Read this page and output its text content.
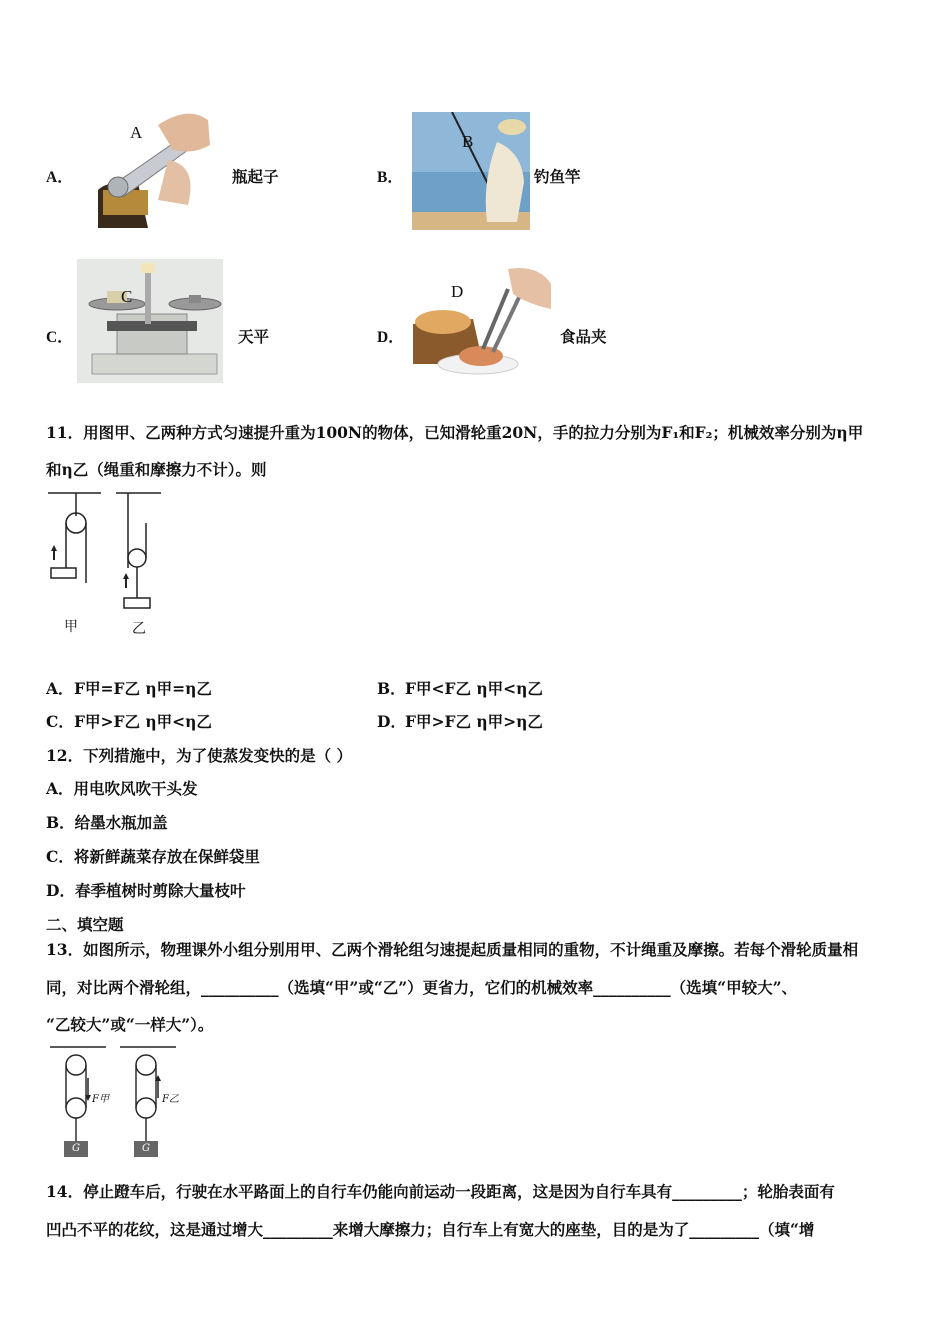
A．
A
瓶起子	B．
B
钓鱼竿
C．
C
天平	D．
D
食品夹
11．用图甲、乙两种方式匀速提升重为100N的物体，已知滑轮重20N，手的拉力分别为F₁和F₂；机械效率分别为η甲
和η乙（绳重和摩擦力不计）。则
甲	乙
A． F甲=F乙 η甲=η乙	B． F甲<F乙 η甲<η乙
C． F甲>F乙 η甲<η乙	D． F甲>F乙 η甲>η乙
12．下列措施中，为了使蒸发变快的是（ ）
A．用电吹风吹干头发
B．给墨水瓶加盖
C．将新鲜蔬菜存放在保鲜袋里
D．春季植树时剪除大量枝叶
二、填空题
13．如图所示，物理课外小组分别用甲、乙两个滑轮组匀速提起质量相同的重物，不计绳重及摩擦。若每个滑轮质量相
同，对比两个滑轮组，__________（选填“甲”或“乙”）更省力，它们的机械效率__________（选填“甲较大”、
“乙较大”或“一样大”）。
F甲	F乙
G	G
14．停止蹬车后，行驶在水平路面上的自行车仍能向前运动一段距离，这是因为自行车具有_________；轮胎表面有
凹凸不平的花纹，这是通过增大_________来增大摩擦力；自行车上有宽大的座垫，目的是为了_________（填“增
